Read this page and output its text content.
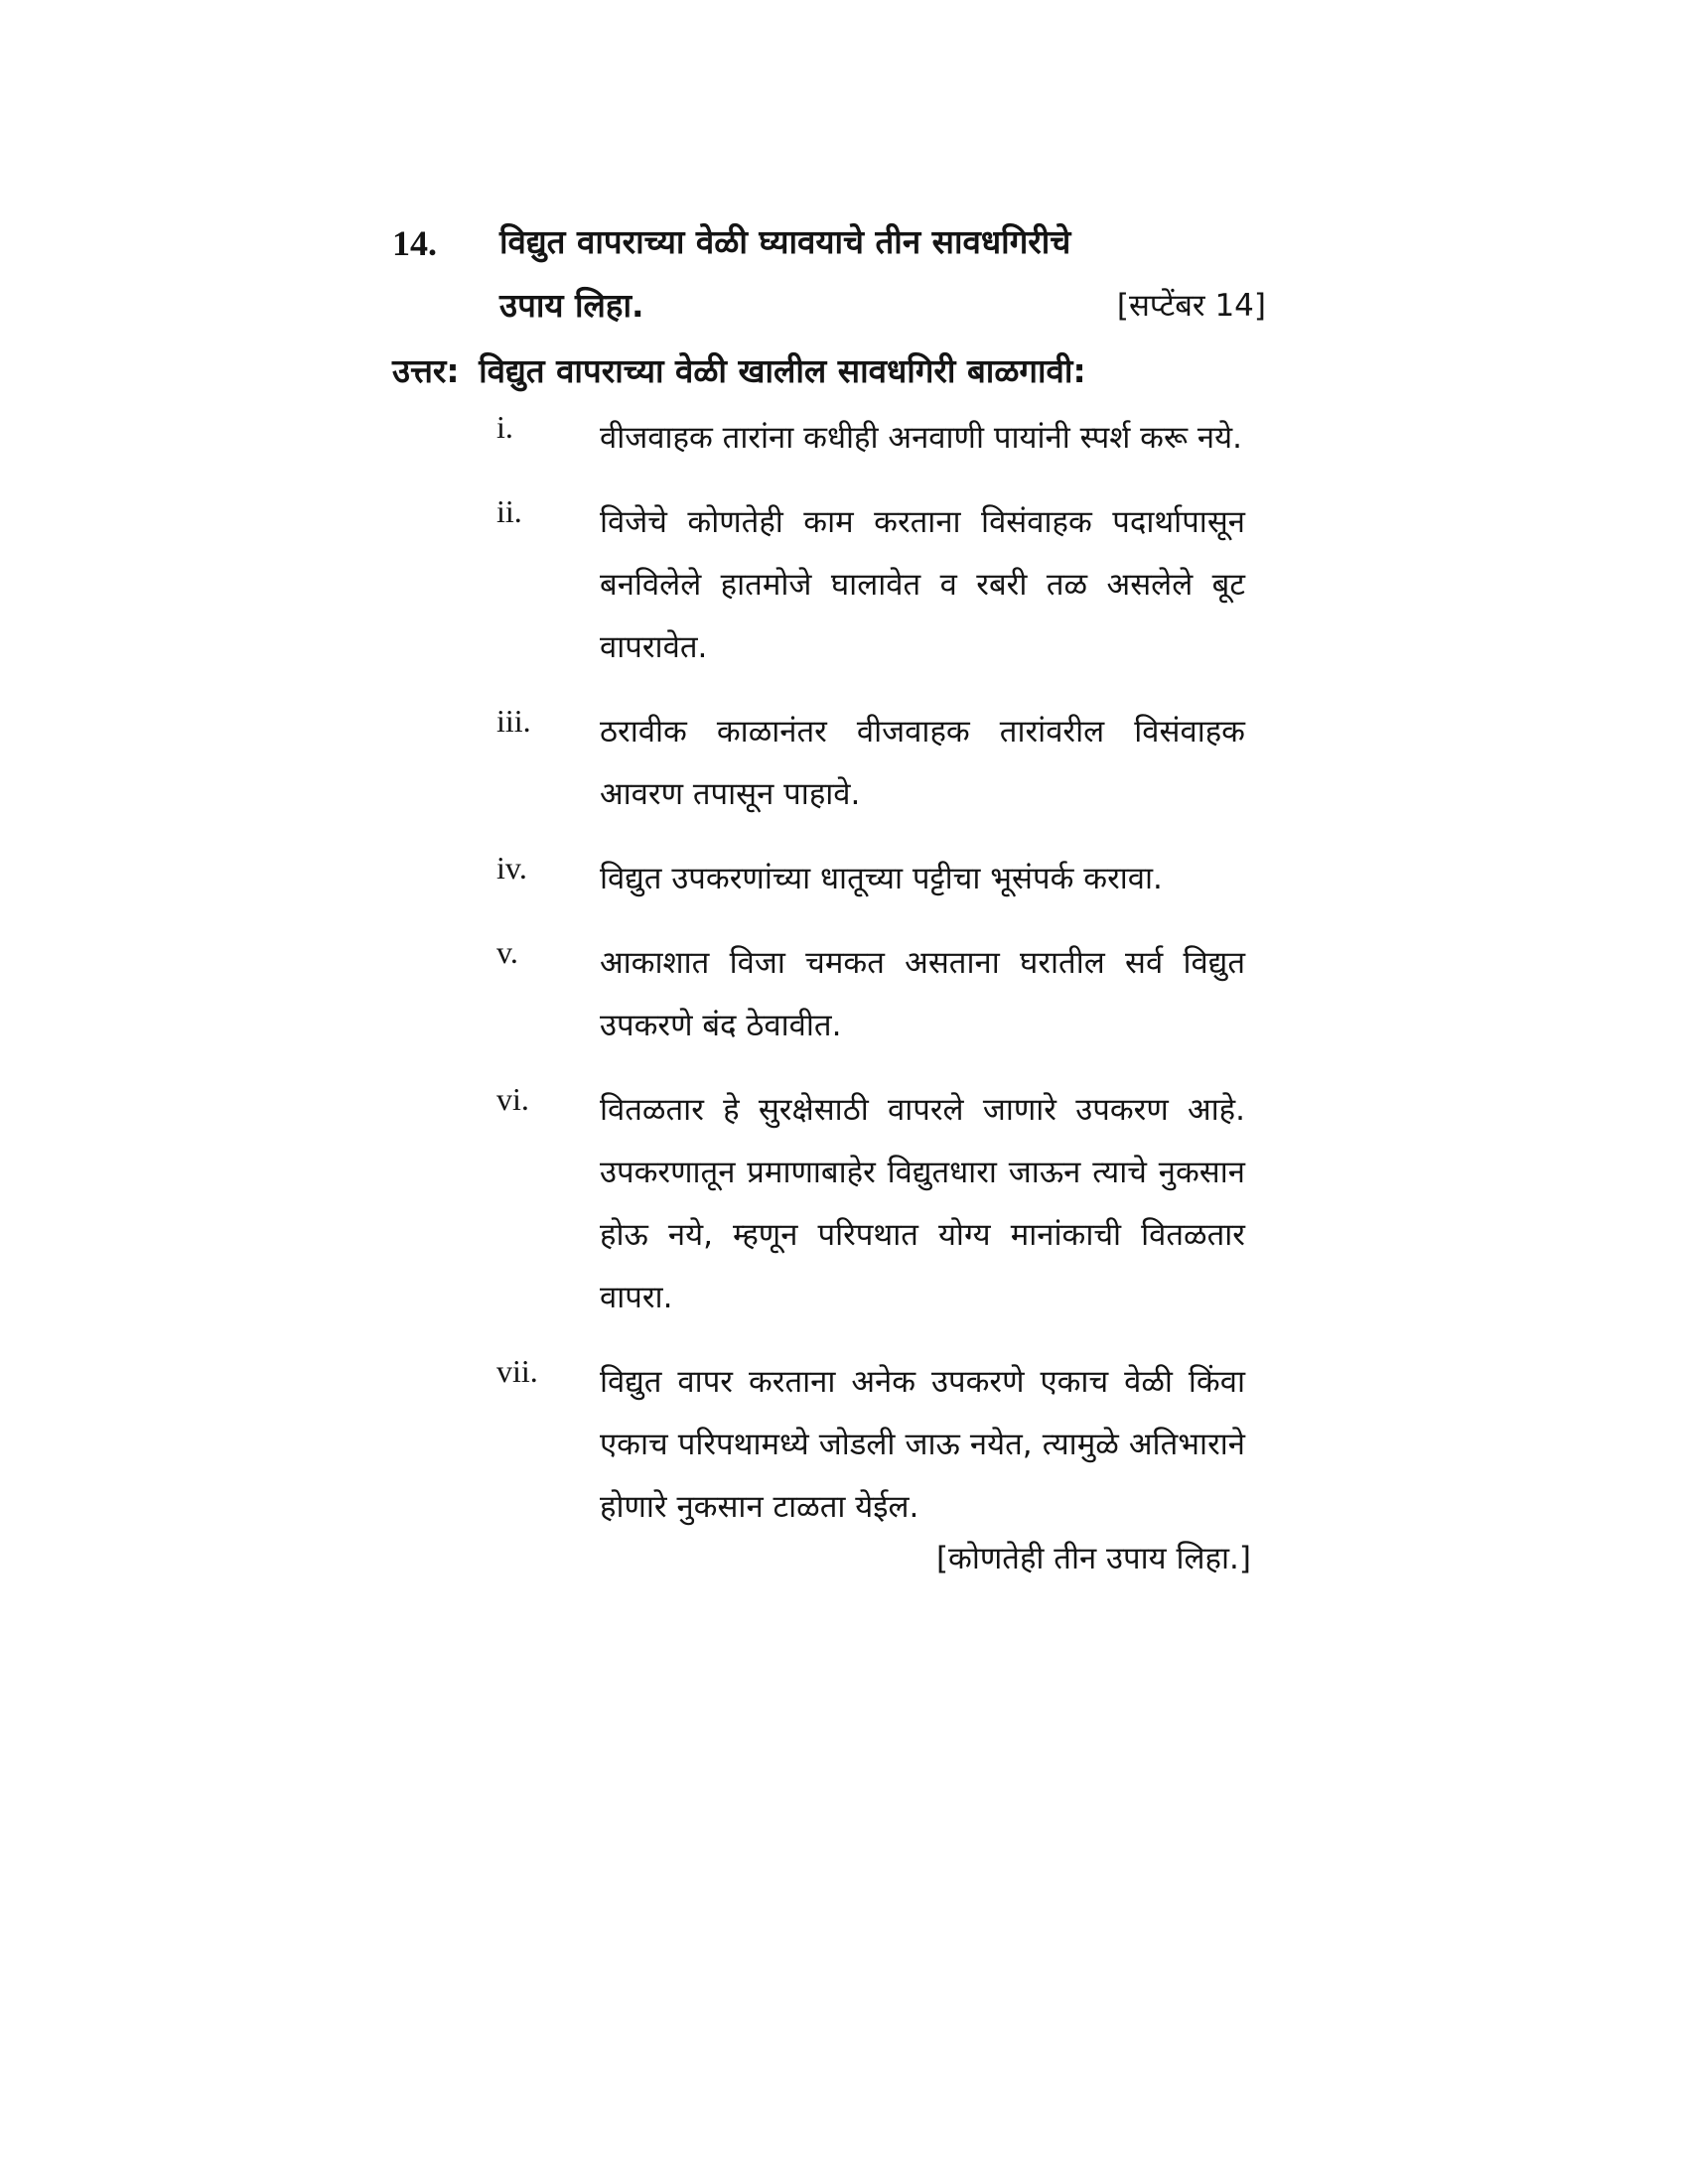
14. विद्युत वापराच्या वेळी घ्यावयाचे तीन सावधगिरीचे
उपाय लिहा.	[सप्टेंबर 14]
उत्तर: विद्युत वापराच्या वेळी खालील सावधगिरी बाळगावी:
i.	वीजवाहक तारांना कधीही अनवाणी पायांनी स्पर्श करू नये.
ii.	विजेचे कोणतेही काम करताना विसंवाहक पदार्थापासून बनविलेले हातमोजे घालावेत व रबरी तळ असलेले बूट वापरावेत.
iii. ठरावीक काळानंतर वीजवाहक तारांवरील विसंवाहक आवरण तपासून पाहावे.
iv. विद्युत उपकरणांच्या धातूच्या पट्टीचा भूसंपर्क करावा.
v.	आकाशात विजा चमकत असताना घरातील सर्व विद्युत उपकरणे बंद ठेवावीत.
vi. वितळतार हे सुरक्षेसाठी वापरले जाणारे उपकरण आहे. उपकरणातून प्रमाणाबाहेर विद्युतधारा जाऊन त्याचे नुकसान होऊ नये, म्हणून परिपथात योग्य मानांकाची वितळतार वापरा.
vii. विद्युत वापर करताना अनेक उपकरणे एकाच वेळी किंवा एकाच परिपथामध्ये जोडली जाऊ नयेत, त्यामुळे अतिभाराने होणारे नुकसान टाळता येईल.
[कोणतेही तीन उपाय लिहा.]
